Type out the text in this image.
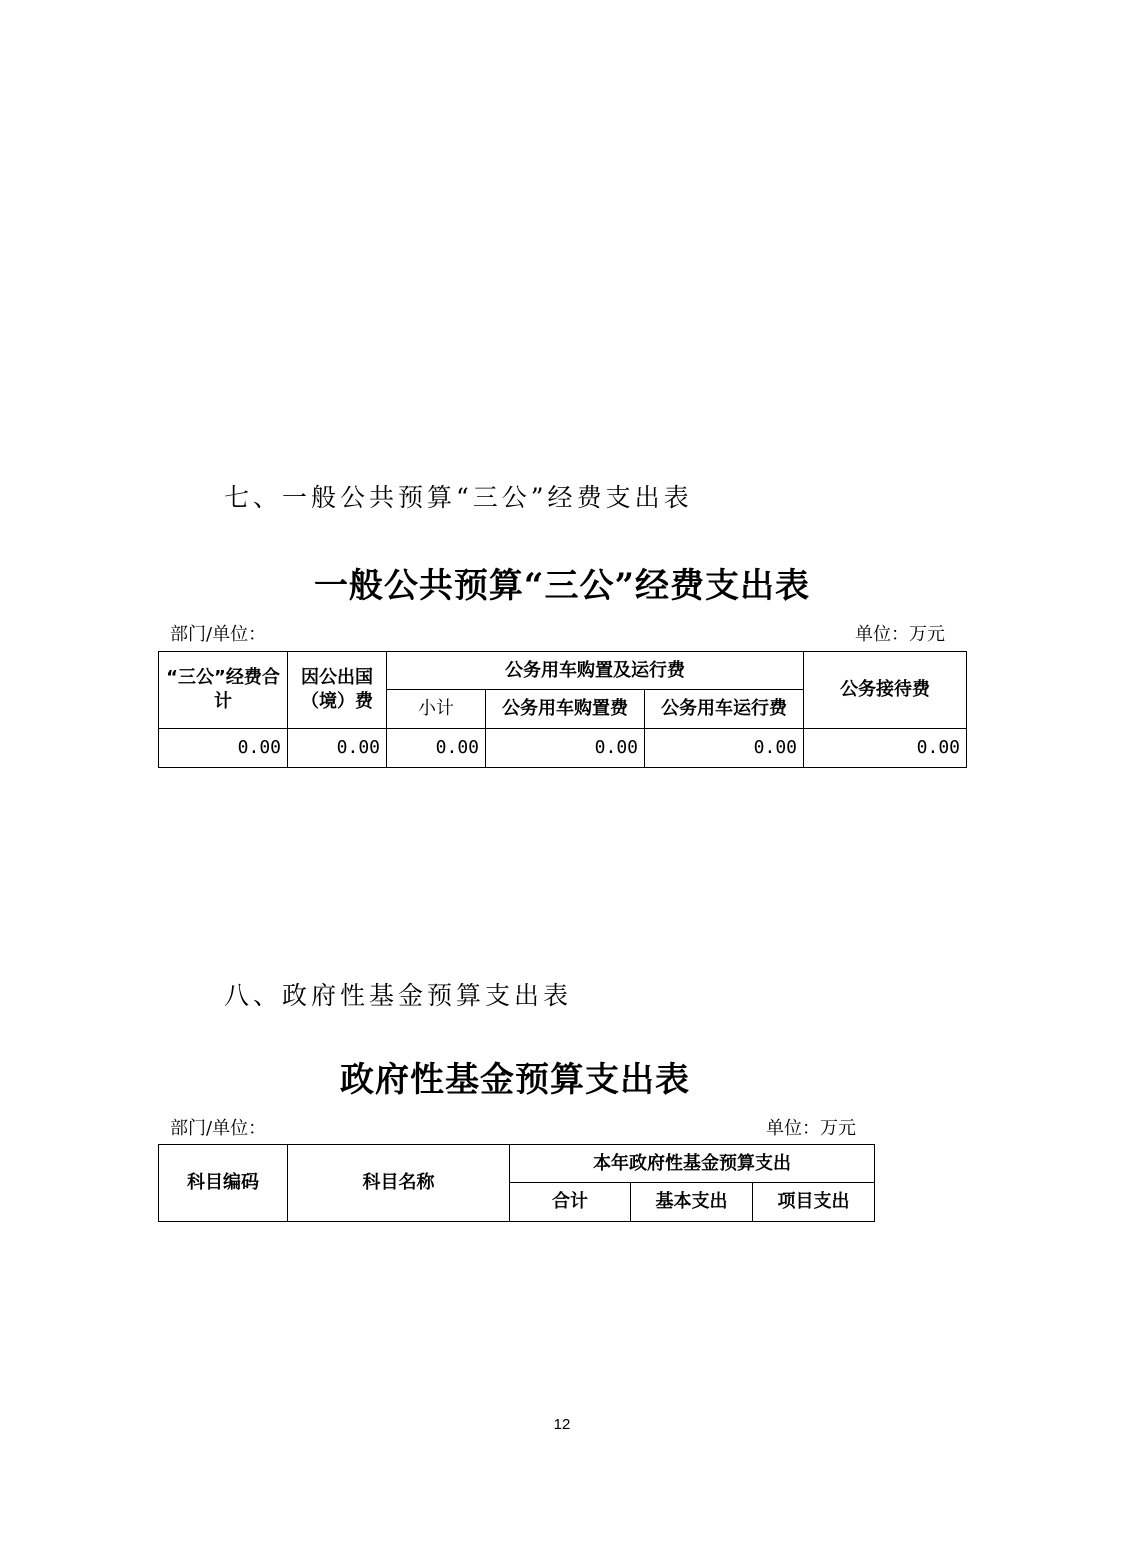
七、一般公共预算“三公”经费支出表
一般公共预算“三公”经费支出表
部门/单位：	单位：万元
“三公”经费合计	因公出国（境）费	公务用车购置及运行费			公务接待费
		小计	公务用车购置费	公务用车运行费	
0.00	0.00	0.00	0.00	0.00	0.00
八、政府性基金预算支出表
政府性基金预算支出表
部门/单位：	单位：万元
科目编码	科目名称	本年政府性基金预算支出		
		合计	基本支出	项目支出
12
